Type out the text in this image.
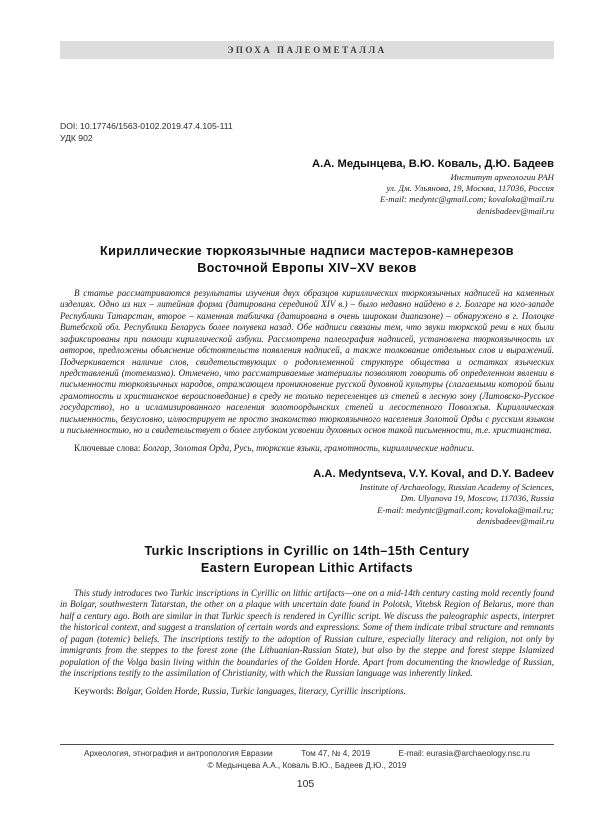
ЭПОХА ПАЛЕОМЕТАЛЛА
DOI: 10.17746/1563-0102.2019.47.4.105-111
УДК 902
А.А. Медынцева, В.Ю. Коваль, Д.Ю. Бадеев
Институт археологии РАН
ул. Дм. Ульянова, 19, Москва, 117036, Россия
E-mail: medyntc@gmail.com; kovaloka@mail.ru
denisbadeev@mail.ru
Кириллические тюркоязычные надписи мастеров-камнерезов
Восточной Европы XIV–XV веков

В статье рассматриваются результаты изучения двух образцов кириллических тюркоязычных надписей на каменных изделиях. Одно из них – литейная форма (датирована серединой XIV в.) – было недавно найдено в г. Болгаре на юго-западе Республики Татарстан, второе – каменная табличка (датирована в очень широком диапазоне) – обнаружено в г. Полоцке Витебской обл. Республики Беларусь более полувека назад. Обе надписи связаны тем, что звуки тюркской речи в них были зафиксированы при помощи кириллической азбуки. Рассмотрена палеография надписей, установлена тюркоязычность их авторов, предложены объяснение обстоятельств появления надписей, а также толкование отдельных слов и выражений. Подчеркивается наличие слов, свидетельствующих о родоплеменной структуре общества и остатках языческих представлений (тотемизма). Отмечено, что рассматриваемые материалы позволяют говорить об определенном явлении в письменности тюркоязычных народов, отражающем проникновение русской духовной культуры (слагаемыми которой были грамотность и христианское вероисповедание) в среду не только переселенцев из степей в лесную зону (Литовско-Русское государство), но и исламизированного населения золотоордынских степей и лесостепного Поволжья. Кириллическая письменность, безусловно, иллюстрирует не просто знакомство тюркоязычного населения Золотой Орды с русским языком и письменностью, но и свидетельствует о более глубоком усвоении духовных основ такой письменности, т.е. христианства.

Ключевые слова: Болгар, Золотая Орда, Русь, тюркские языки, грамотность, кириллические надписи.

A.A. Medyntseva, V.Y. Koval, and D.Y. Badeev
Institute of Archaeology, Russian Academy of Sciences,
Dm. Ulyanova 19, Moscow, 117036, Russia
E-mail: medyntc@gmail.com; kovaloka@mail.ru;
denisbadeev@mail.ru
Turkic Inscriptions in Cyrillic on 14th–15th Century
Eastern European Lithic Artifacts

This study introduces two Turkic inscriptions in Cyrillic on lithic artifacts—one on a mid-14th century casting mold recently found in Bolgar, southwestern Tatarstan, the other on a plaque with uncertain date found in Polotsk, Vitebsk Region of Belarus, more than half a century ago. Both are similar in that Turkic speech is rendered in Cyrillic script. We discuss the paleographic aspects, interpret the historical context, and suggest a translation of certain words and expressions. Some of them indicate tribal structure and remnants of pagan (totemic) beliefs. The inscriptions testify to the adoption of Russian culture, especially literacy and religion, not only by immigrants from the steppes to the forest zone (the Lithuanian-Russian State), but also by the steppe and forest steppe Islamized population of the Volga basin living within the boundaries of the Golden Horde. Apart from documenting the knowledge of Russian, the inscriptions testify to the assimilation of Christianity, with which the Russian language was inherently linked.

Keywords: Bolgar, Golden Horde, Russia, Turkic languages, literacy, Cyrillic inscriptions.

Археология, этнография и антропология Евразии	Том 47, № 4, 2019	E-mail: eurasia@archaeology.nsc.ru
© Медынцева А.А., Коваль В.Ю., Бадеев Д.Ю., 2019
105
